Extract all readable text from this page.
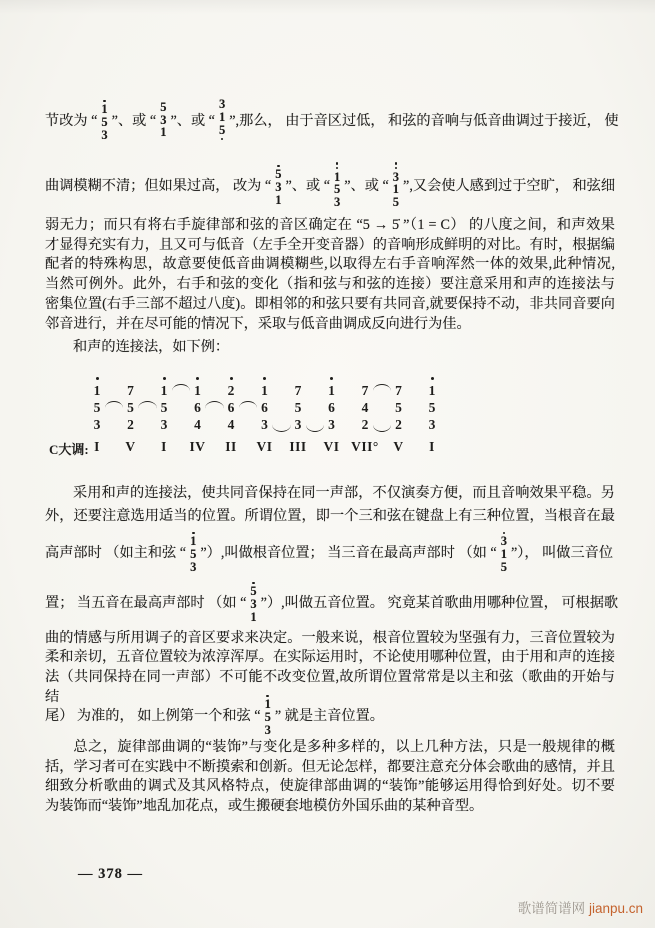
节改为 “
1
5
3
”、或 “
5
3
1
”、或 “
3
1
5
”,那么， 由于音区过低， 和弦的音响与低音曲调过于接近， 使
曲调模糊不清；但如果过高， 改为 “
5
3
1
”、或 “
1
5
3
”、或 “
3
1
5
”,又会使人感到过于空旷， 和弦细
弱无力；而只有将右手旋律部和弦的音区确定在 “5 → 5̇ ”（1 = C） 的八度之间，和声效果
才显得充实有力，且又可与低音（左手全开变音器）的音响形成鲜明的对比。有时，根据编
配者的特殊构思，故意要使低音曲调模糊些,以取得左右手音响浑然一体的效果,此种情况,
当然可例外。此外，右手和弦的变化（指和弦与和弦的连接）要注意采用和声的连接法与
密集位置(右手三部不超过八度)。即相邻的和弦只要有共同音,就要保持不动，非共同音要向
邻音进行，并在尽可能的情况下，采取与低音曲调成反向进行为佳。
和声的连接法，如下例：
C大调:
1
5
3
I
7
5
2
V
1
5
3
I
1
6
4
IV
2
6
4
II
1
6
3
VI
7
5
3
III
1
6
3
VI
7
4
2
VII°
7
5
2
V
1
5
3
I
采用和声的连接法，使共同音保持在同一声部，不仅演奏方便，而且音响效果平稳。另
外，还要注意选用适当的位置。所谓位置，即一个三和弦在键盘上有三种位置，当根音在最
高声部时 （如主和弦 “
1
5
3
”）,叫做根音位置； 当三音在最高声部时 （如 “
3
1
5
”）， 叫做三音位
置； 当五音在最高声部时 （如 “
5
3
1
”）,叫做五音位置。 究竟某首歌曲用哪种位置， 可根据歌
曲的情感与所用调子的音区要求来决定。一般来说，根音位置较为坚强有力，三音位置较为
柔和亲切，五音位置较为浓淳浑厚。在实际运用时，不论使用哪种位置，由于用和声的连接
法（共同保持在同一声部）不可能不改变位置,故所谓位置常常是以主和弦（歌曲的开始与结
尾） 为准的， 如上例第一个和弦 “
1
5
3
” 就是主音位置。
总之，旋律部曲调的“装饰”与变化是多种多样的，以上几种方法，只是一般规律的概
括，学习者可在实践中不断摸索和创新。但无论怎样，都要注意充分体会歌曲的感情，并且
细致分析歌曲的调式及其风格特点，使旋律部曲调的“装饰”能够运用得恰到好处。切不要
为装饰而“装饰”地乱加花点，或生搬硬套地模仿外国乐曲的某种音型。
— 378 —
歌谱简谱网 jianpu.cn
